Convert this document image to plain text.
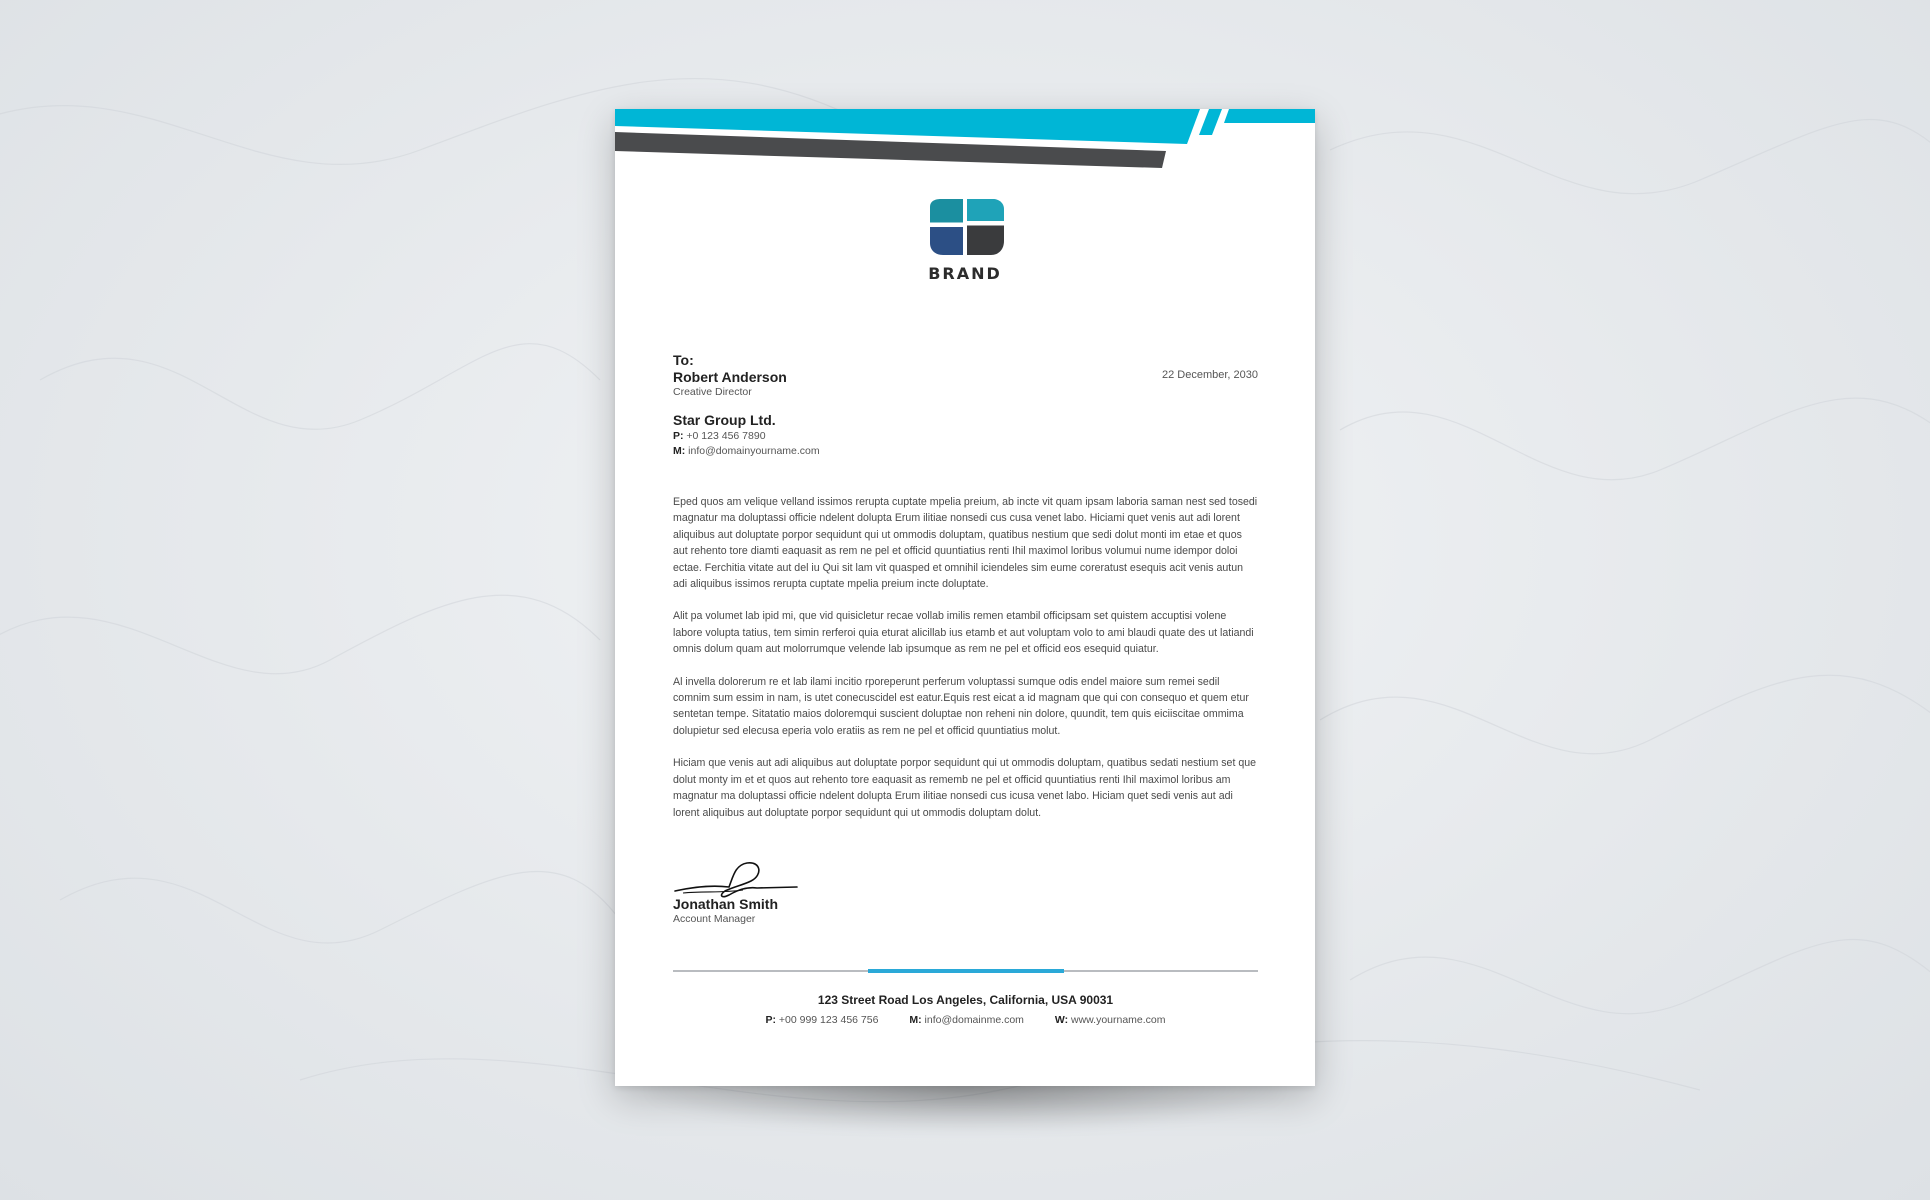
BRAND
To:
Robert Anderson
Creative Director
Star Group Ltd.
P: +0 123 456 7890
M: info@domainyourname.com
22 December, 2030

Eped quos am velique velland issimos rerupta cuptate mpelia preium, ab incte vit quam ipsam laboria saman nest sed tosedi magnatur ma doluptassi officie ndelent dolupta Erum ilitiae nonsedi cus cusa venet labo. Hiciami quet venis aut adi lorent aliquibus aut doluptate porpor sequidunt qui ut ommodis doluptam, quatibus nestium que sedi dolut monti im etae et quos aut rehento tore diamti eaquasit as rem ne pel et officid quuntiatius renti Ihil maximol loribus volumui nume idempor doloi ectae. Ferchitia vitate aut del iu Qui sit lam vit quasped et omnihil iciendeles sim eume coreratust esequis acit venis autun adi aliquibus issimos rerupta cuptate mpelia preium incte doluptate.

Alit pa volumet lab ipid mi, que vid quisicletur recae vollab imilis remen etambil officipsam set quistem accuptisi volene labore volupta tatius, tem simin rerferoi quia eturat alicillab ius etamb et aut voluptam volo to ami blaudi quate des ut latiandi omnis dolum quam aut molorrumque velende lab ipsumque as rem ne pel et officid eos esequid quiatur.

Al invella dolorerum re et lab ilami incitio rporeperunt perferum voluptassi sumque odis endel maiore sum remei sedil comnim sum essim in nam, is utet conecuscidel est eatur.Equis rest eicat a id magnam que qui con consequo et quem etur sentetan tempe. Sitatatio maios doloremqui suscient doluptae non reheni nin dolore, quundit, tem quis eiciiscitae ommima dolupietur sed elecusa eperia volo eratiis as rem ne pel et officid quuntiatius molut.

Hiciam que venis aut adi aliquibus aut doluptate porpor sequidunt qui ut ommodis doluptam, quatibus sedati nestium set que dolut monty im et et quos aut rehento tore eaquasit as rememb ne pel et officid quuntiatius renti Ihil maximol loribus am magnatur ma doluptassi officie ndelent dolupta Erum ilitiae nonsedi cus icusa venet labo. Hiciam quet sedi venis aut adi lorent aliquibus aut doluptate porpor sequidunt qui ut ommodis doluptam dolut.

Jonathan Smith
Account Manager
123 Street Road Los Angeles, California, USA 90031
P: +00 999 123 456 756	M: info@domainme.com	W: www.yourname.com
